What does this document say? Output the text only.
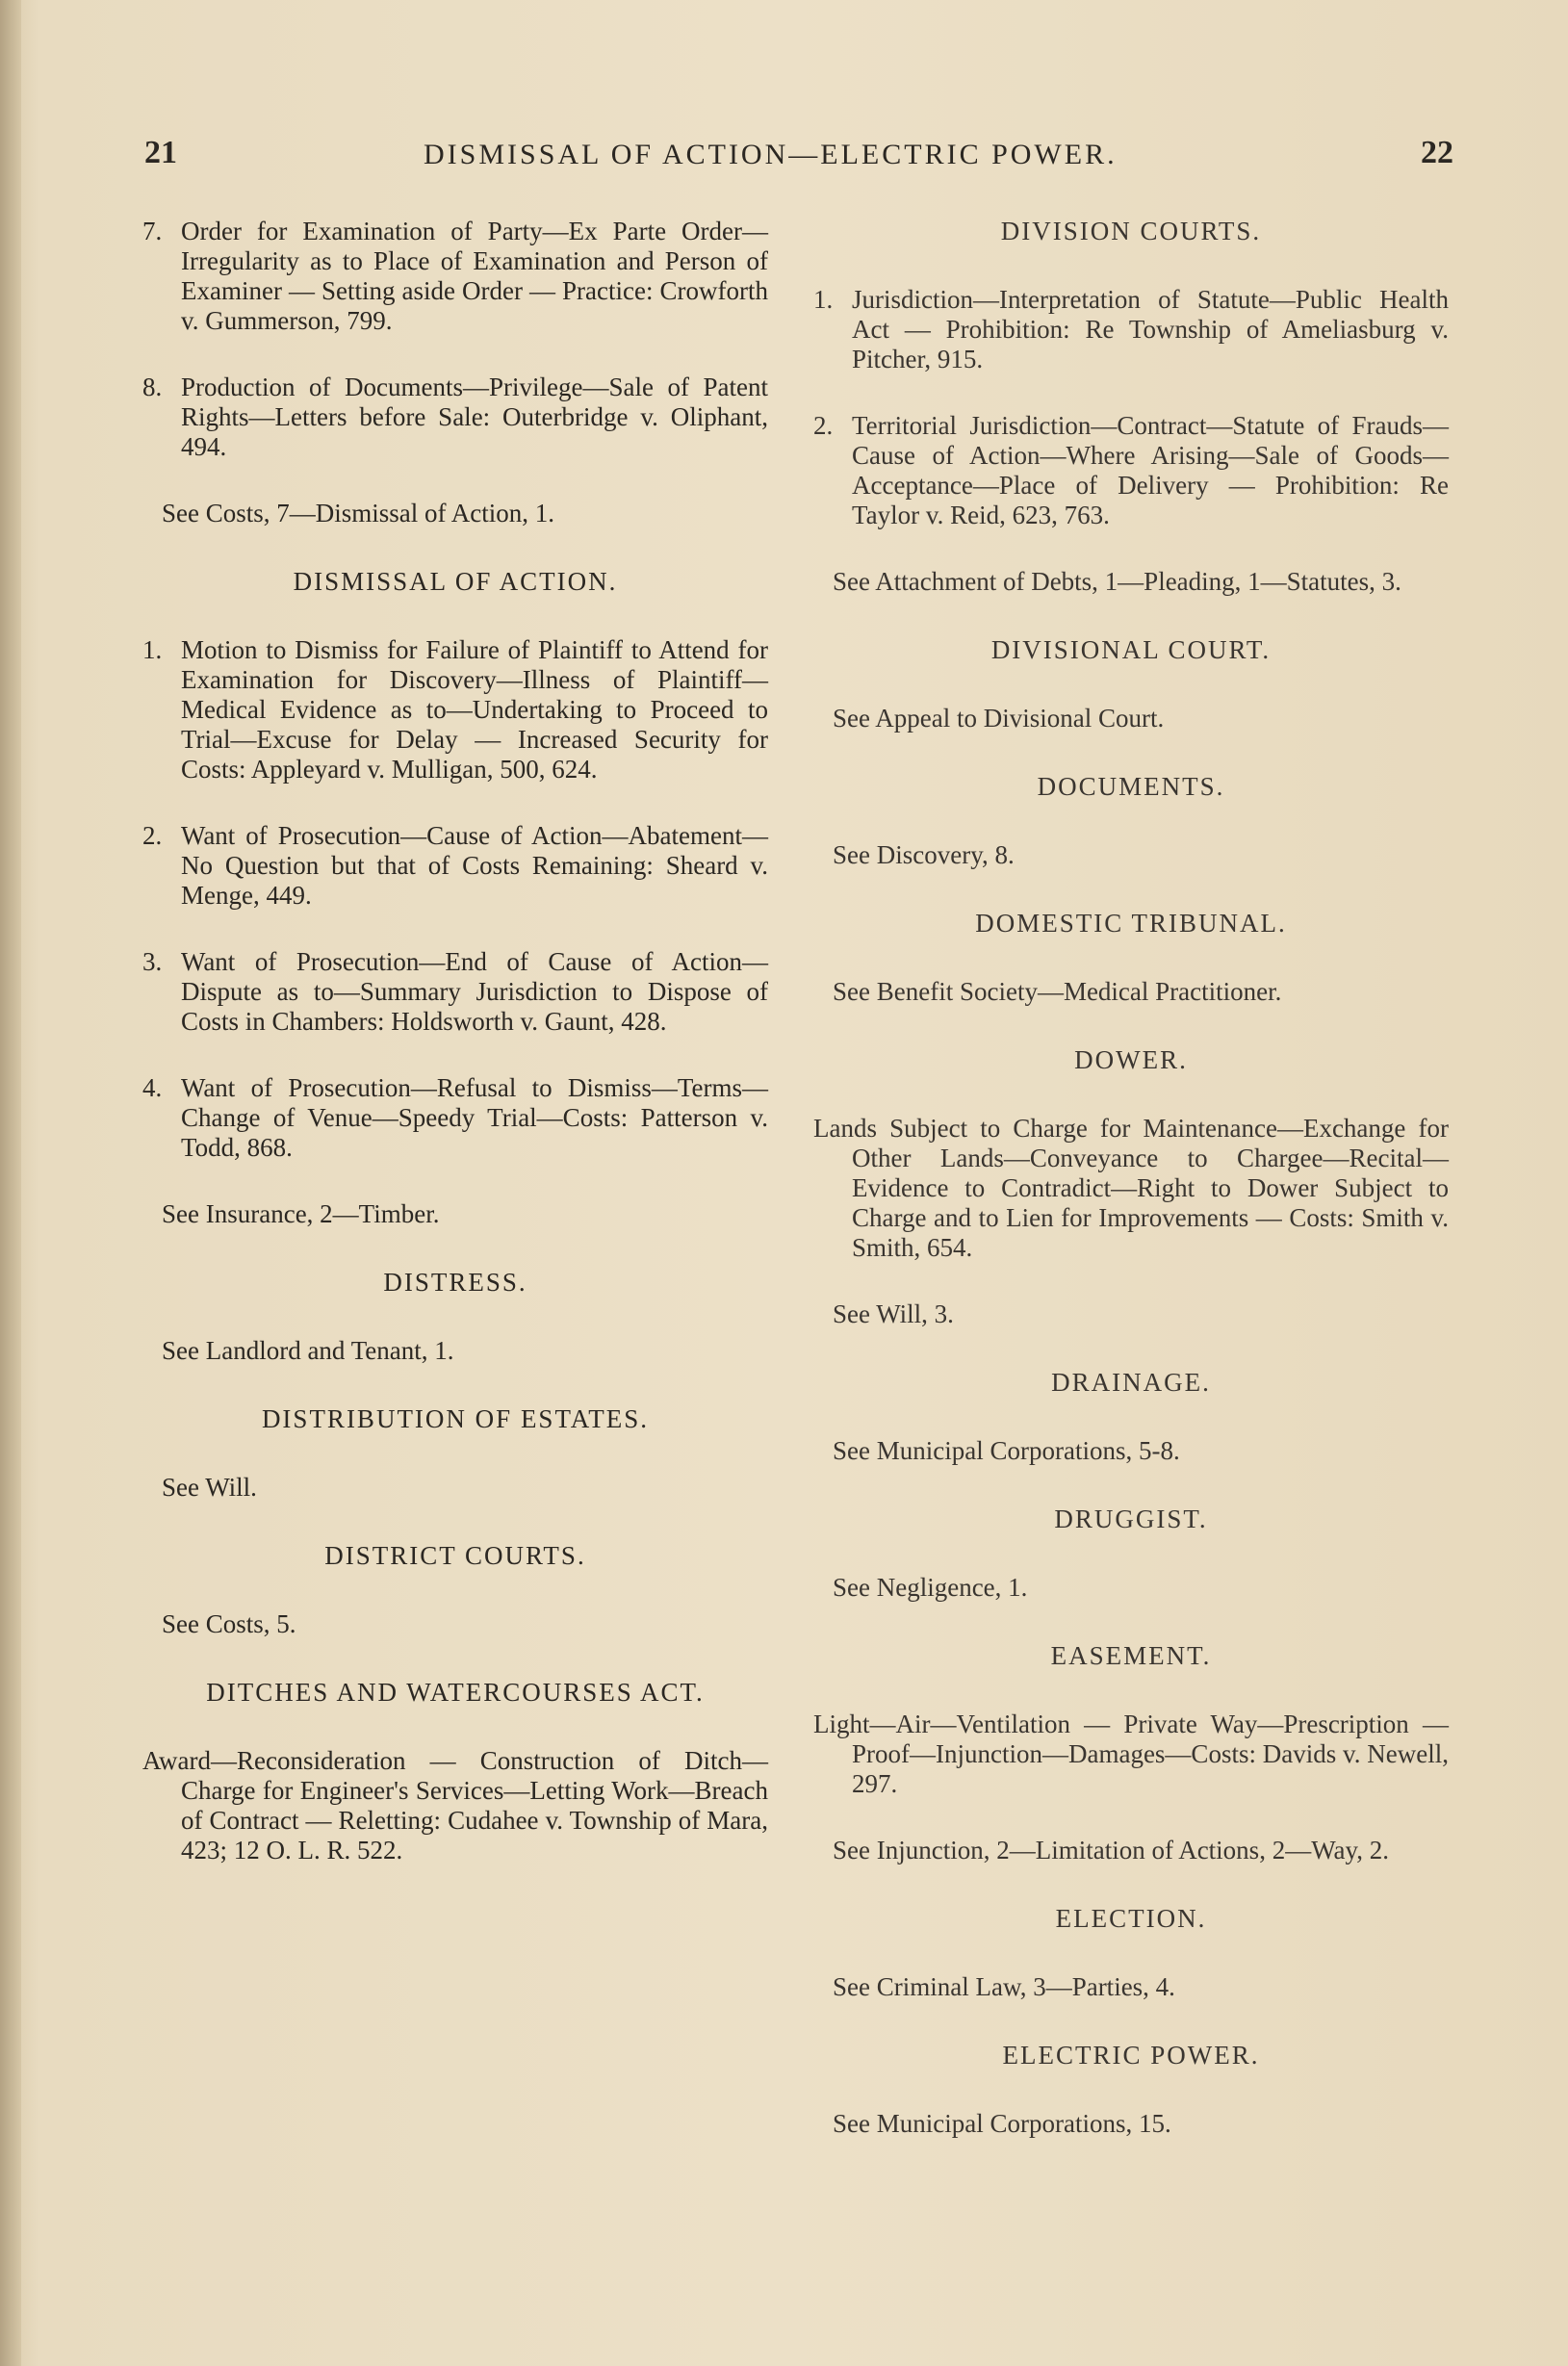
21	DISMISSAL OF ACTION—ELECTRIC POWER.	22
7. Order for Examination of Party—Ex Parte Order—Irregularity as to Place of Examination and Person of Examiner — Setting aside Order — Practice: Crowforth v. Gummerson, 799.
8. Production of Documents—Privilege—Sale of Patent Rights—Letters before Sale: Outerbridge v. Oliphant, 494.
See Costs, 7—Dismissal of Action, 1.
DISMISSAL OF ACTION.
1. Motion to Dismiss for Failure of Plaintiff to Attend for Examination for Discovery—Illness of Plaintiff—Medical Evidence as to—Undertaking to Proceed to Trial—Excuse for Delay — Increased Security for Costs: Appleyard v. Mulligan, 500, 624.
2. Want of Prosecution—Cause of Action—Abatement—No Question but that of Costs Remaining: Sheard v. Menge, 449.
3. Want of Prosecution—End of Cause of Action—Dispute as to—Summary Jurisdiction to Dispose of Costs in Chambers: Holdsworth v. Gaunt, 428.
4. Want of Prosecution—Refusal to Dismiss—Terms—Change of Venue—Speedy Trial—Costs: Patterson v. Todd, 868.
See Insurance, 2—Timber.
DISTRESS.
See Landlord and Tenant, 1.
DISTRIBUTION OF ESTATES.
See Will.
DISTRICT COURTS.
See Costs, 5.
DITCHES AND WATERCOURSES ACT.
Award—Reconsideration — Construction of Ditch—Charge for Engineer's Services—Letting Work—Breach of Contract — Reletting: Cudahee v. Township of Mara, 423; 12 O. L. R. 522.
DIVISION COURTS.
1. Jurisdiction—Interpretation of Statute—Public Health Act — Prohibition: Re Township of Ameliasburg v. Pitcher, 915.
2. Territorial Jurisdiction—Contract—Statute of Frauds—Cause of Action—Where Arising—Sale of Goods—Acceptance—Place of Delivery — Prohibition: Re Taylor v. Reid, 623, 763.
See Attachment of Debts, 1—Pleading, 1—Statutes, 3.
DIVISIONAL COURT.
See Appeal to Divisional Court.
DOCUMENTS.
See Discovery, 8.
DOMESTIC TRIBUNAL.
See Benefit Society—Medical Practitioner.
DOWER.
Lands Subject to Charge for Maintenance—Exchange for Other Lands—Conveyance to Chargee—Recital—Evidence to Contradict—Right to Dower Subject to Charge and to Lien for Improvements — Costs: Smith v. Smith, 654.
See Will, 3.
DRAINAGE.
See Municipal Corporations, 5-8.
DRUGGIST.
See Negligence, 1.
EASEMENT.
Light—Air—Ventilation — Private Way—Prescription — Proof—Injunction—Damages—Costs: Davids v. Newell, 297.
See Injunction, 2—Limitation of Actions, 2—Way, 2.
ELECTION.
See Criminal Law, 3—Parties, 4.
ELECTRIC POWER.
See Municipal Corporations, 15.
